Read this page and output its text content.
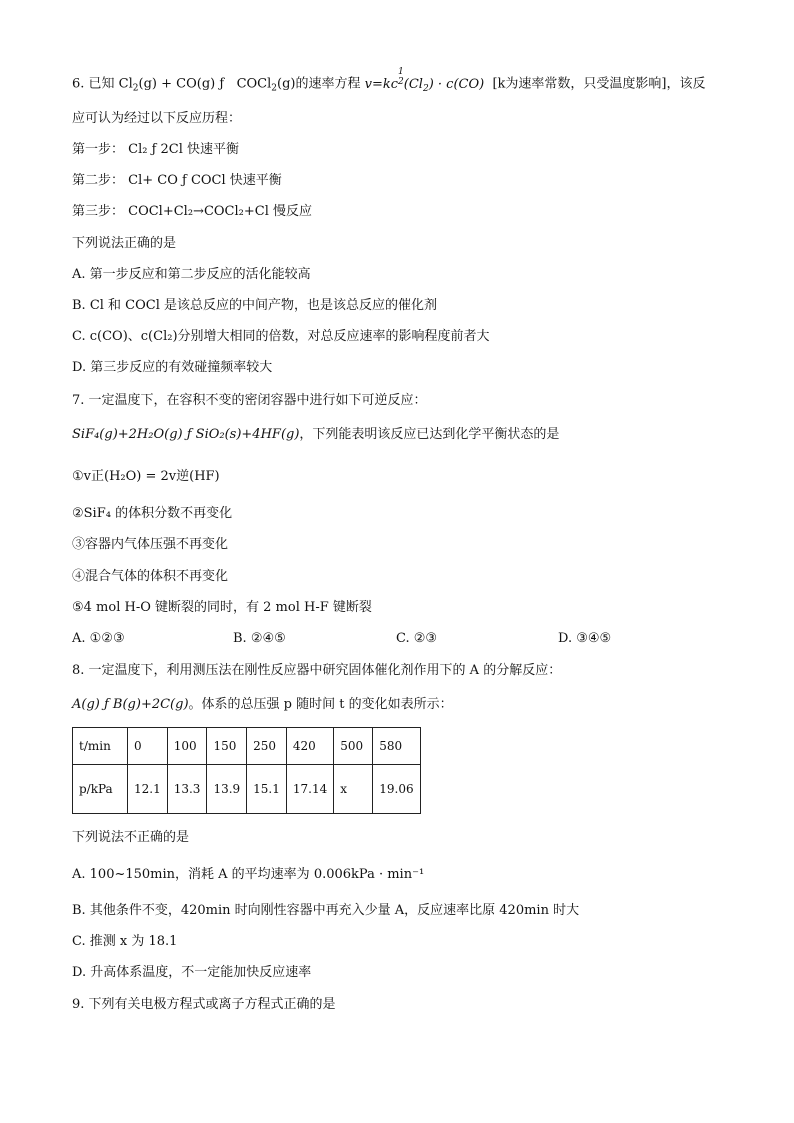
6. 已知 $Cl_2(g) + CO(g)$ ƒ COCl$_2$(g)的速率方程 v=kc1
$2(Cl_2) \cdot c(CO)$ [k为速率常数，只受温度影响]，该反
应可认为经过以下反应历程：
第一步： Cl₂ ƒ 2Cl 快速平衡
第二步： Cl+ CO ƒ COCl 快速平衡
第三步： COCl+Cl₂→COCl₂+Cl 慢反应
下列说法正确的是
A. 第一步反应和第二步反应的活化能较高
B. Cl 和 COCl 是该总反应的中间产物，也是该总反应的催化剂
C. c(CO)、c(Cl₂)分别增大相同的倍数，对总反应速率的影响程度前者大
D. 第三步反应的有效碰撞频率较大
7. 一定温度下，在容积不变的密闭容器中进行如下可逆反应：
SiF₄(g)+2H₂O(g) ƒ SiO₂(s)+4HF(g)，下列能表明该反应已达到化学平衡状态的是
①v正(H₂O) = 2v逆(HF)
②SiF₄ 的体积分数不再变化
③容器内气体压强不再变化
④混合气体的体积不再变化
⑤4 mol H-O 键断裂的同时，有 2 mol H-F 键断裂
A. ①②③	B. ②④⑤	C. ②③	D. ③④⑤
8. 一定温度下，利用测压法在刚性反应器中研究固体催化剂作用下的 A 的分解反应：
A(g) ƒ B(g)+2C(g)。体系的总压强 p 随时间 t 的变化如表所示：
t/min	0	100	150	250	420	500	580
p/kPa	12.1	13.3	13.9	15.1	17.14	x	19.06
下列说法不正确的是
A. 100~150min，消耗 A 的平均速率为 0.006kPa · min⁻¹
B. 其他条件不变，420min 时向刚性容器中再充入少量 A，反应速率比原 420min 时大
C. 推测 x 为 18.1
D. 升高体系温度，不一定能加快反应速率
9. 下列有关电极方程式或离子方程式正确的是
